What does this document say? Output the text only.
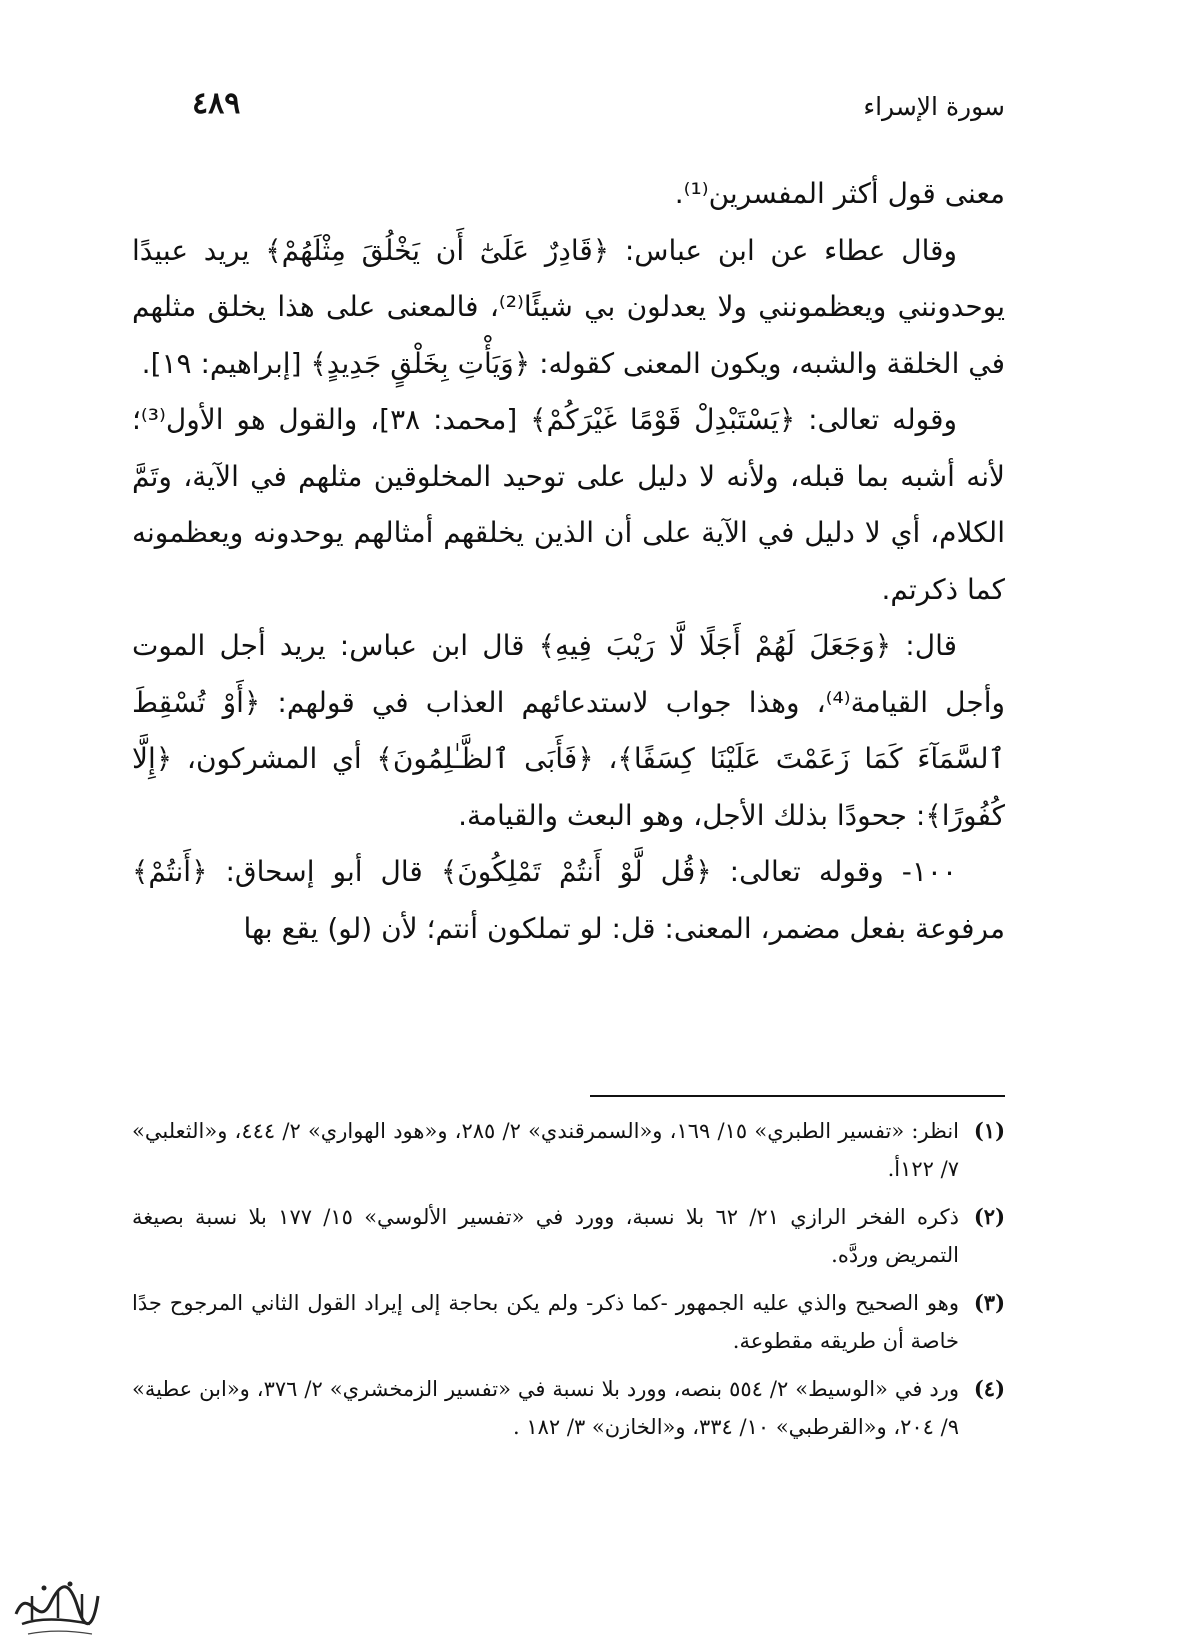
سورة الإسراء
٤٨٩

معنى قول أكثر المفسرين⁽¹⁾.

وقال عطاء عن ابن عباس: ﴿قَادِرٌ عَلَىٰٓ أَن يَخْلُقَ مِثْلَهُمْ﴾ يريد عبيدًا يوحدونني ويعظمونني ولا يعدلون بي شيئًا⁽²⁾، فالمعنى على هذا يخلق مثلهم في الخلقة والشبه، ويكون المعنى كقوله: ﴿وَيَأْتِ بِخَلْقٍ جَدِيدٍ﴾ [إبراهيم: ١٩].

وقوله تعالى: ﴿يَسْتَبْدِلْ قَوْمًا غَيْرَكُمْ﴾ [محمد: ٣٨]، والقول هو الأول⁽³⁾؛ لأنه أشبه بما قبله، ولأنه لا دليل على توحيد المخلوقين مثلهم في الآية، وتَمَّ الكلام، أي لا دليل في الآية على أن الذين يخلقهم أمثالهم يوحدونه ويعظمونه كما ذكرتم.

قال: ﴿وَجَعَلَ لَهُمْ أَجَلًا لَّا رَيْبَ فِيهِ﴾ قال ابن عباس: يريد أجل الموت وأجل القيامة⁽⁴⁾، وهذا جواب لاستدعائهم العذاب في قولهم: ﴿أَوْ تُسْقِطَ ٱلسَّمَآءَ كَمَا زَعَمْتَ عَلَيْنَا كِسَفًا﴾، ﴿فَأَبَى ٱلظَّـٰلِمُونَ﴾ أي المشركون، ﴿إِلَّا كُفُورًا﴾: جحودًا بذلك الأجل، وهو البعث والقيامة.

١٠٠- وقوله تعالى: ﴿قُل لَّوْ أَنتُمْ تَمْلِكُونَ﴾ قال أبو إسحاق: ﴿أَنتُمْ﴾ مرفوعة بفعل مضمر، المعنى: قل: لو تملكون أنتم؛ لأن (لو) يقع بها

(١)
انظر: «تفسير الطبري» ١٥/ ١٦٩، و«السمرقندي» ٢/ ٢٨٥، و«هود الهواري» ٢/ ٤٤٤، و«الثعلبي» ٧/ ١٢٢أ.
(٢)
ذكره الفخر الرازي ٢١/ ٦٢ بلا نسبة، وورد في «تفسير الألوسي» ١٥/ ١٧٧ بلا نسبة بصيغة التمريض وردَّه.
(٣)
وهو الصحيح والذي عليه الجمهور -كما ذكر- ولم يكن بحاجة إلى إيراد القول الثاني المرجوح جدًا خاصة أن طريقه مقطوعة.
(٤)
ورد في «الوسيط» ٢/ ٥٥٤ بنصه، وورد بلا نسبة في «تفسير الزمخشري» ٢/ ٣٧٦، و«ابن عطية» ٩/ ٢٠٤، و«القرطبي» ١٠/ ٣٣٤، و«الخازن» ٣/ ١٨٢ .
